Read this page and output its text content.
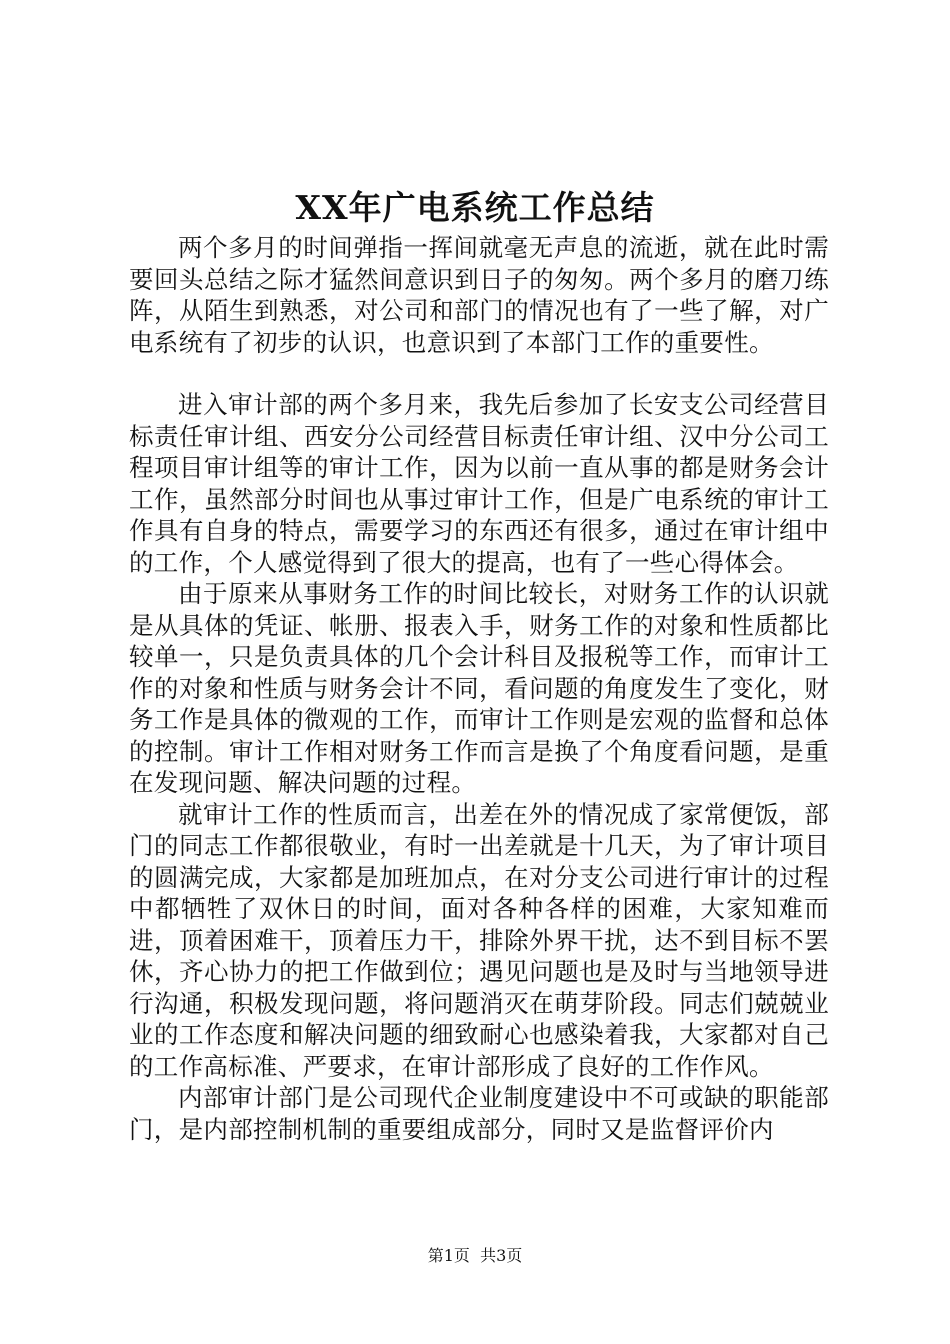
XX年广电系统工作总结

两个多月的时间弹指一挥间就毫无声息的流逝，就在此时需要回头总结之际才猛然间意识到日子的匆匆。两个多月的磨刀练阵，从陌生到熟悉，对公司和部门的情况也有了一些了解，对广电系统有了初步的认识，也意识到了本部门工作的重要性。

进入审计部的两个多月来，我先后参加了长安支公司经营目标责任审计组、西安分公司经营目标责任审计组、汉中分公司工程项目审计组等的审计工作，因为以前一直从事的都是财务会计工作，虽然部分时间也从事过审计工作，但是广电系统的审计工作具有自身的特点，需要学习的东西还有很多，通过在审计组中的工作，个人感觉得到了很大的提高，也有了一些心得体会。

由于原来从事财务工作的时间比较长，对财务工作的认识就是从具体的凭证、帐册、报表入手，财务工作的对象和性质都比较单一，只是负责具体的几个会计科目及报税等工作，而审计工作的对象和性质与财务会计不同，看问题的角度发生了变化，财务工作是具体的微观的工作，而审计工作则是宏观的监督和总体的控制。审计工作相对财务工作而言是换了个角度看问题，是重在发现问题、解决问题的过程。

就审计工作的性质而言，出差在外的情况成了家常便饭，部门的同志工作都很敬业，有时一出差就是十几天，为了审计项目的圆满完成，大家都是加班加点，在对分支公司进行审计的过程中都牺牲了双休日的时间，面对各种各样的困难，大家知难而进，顶着困难干，顶着压力干，排除外界干扰，达不到目标不罢休，齐心协力的把工作做到位；遇见问题也是及时与当地领导进行沟通，积极发现问题，将问题消灭在萌芽阶段。同志们兢兢业业的工作态度和解决问题的细致耐心也感染着我，大家都对自己的工作高标准、严要求，在审计部形成了良好的工作作风。

内部审计部门是公司现代企业制度建设中不可或缺的职能部门，是内部控制机制的重要组成部分，同时又是监督评价内

第1页  共3页
